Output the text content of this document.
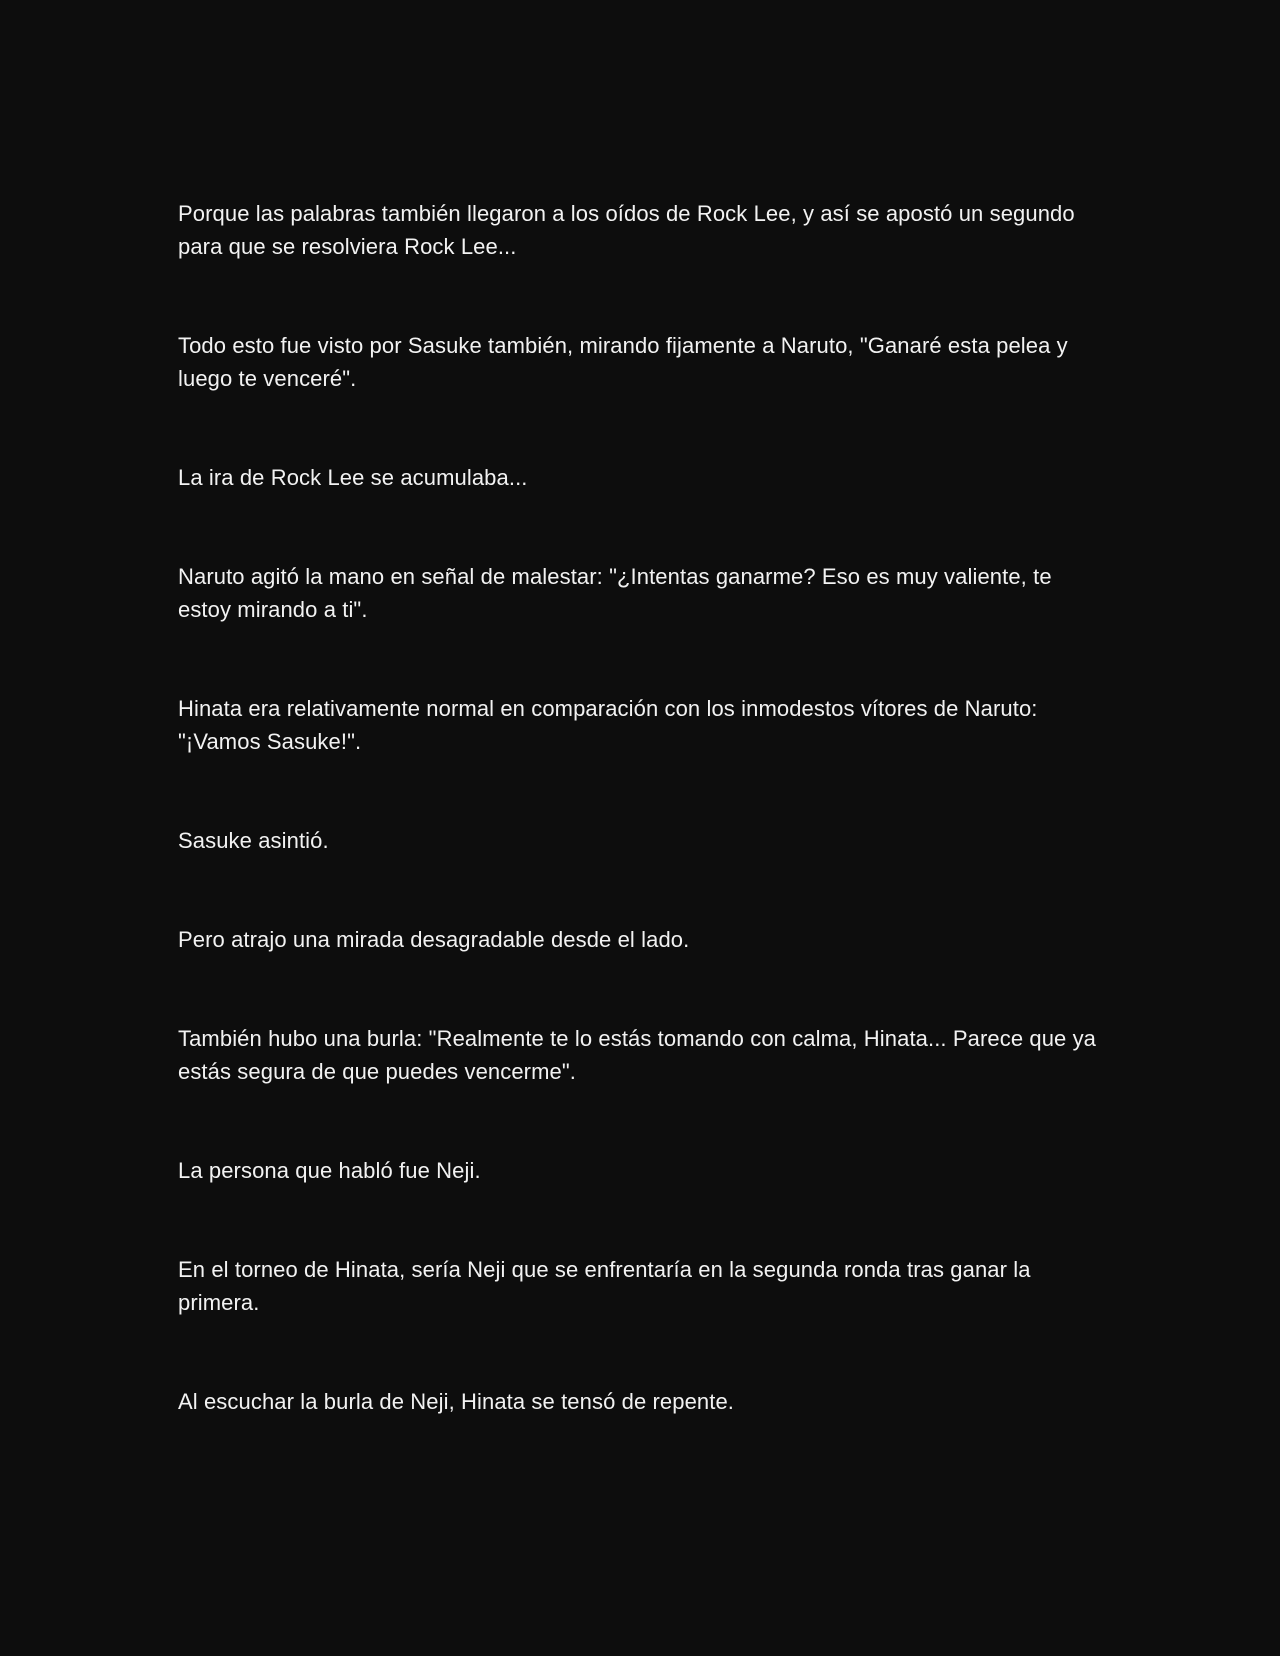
Porque las palabras también llegaron a los oídos de Rock Lee, y así se apostó un segundo para que se resolviera Rock Lee...

Todo esto fue visto por Sasuke también, mirando fijamente a Naruto, "Ganaré esta pelea y luego te venceré".

La ira de Rock Lee se acumulaba...

Naruto agitó la mano en señal de malestar: "¿Intentas ganarme? Eso es muy valiente, te estoy mirando a ti".

Hinata era relativamente normal en comparación con los inmodestos vítores de Naruto: "¡Vamos Sasuke!".

Sasuke asintió.

Pero atrajo una mirada desagradable desde el lado.

También hubo una burla: "Realmente te lo estás tomando con calma, Hinata... Parece que ya estás segura de que puedes vencerme".

La persona que habló fue Neji.

En el torneo de Hinata, sería Neji que se enfrentaría en la segunda ronda tras ganar la primera.

Al escuchar la burla de Neji, Hinata se tensó de repente.
